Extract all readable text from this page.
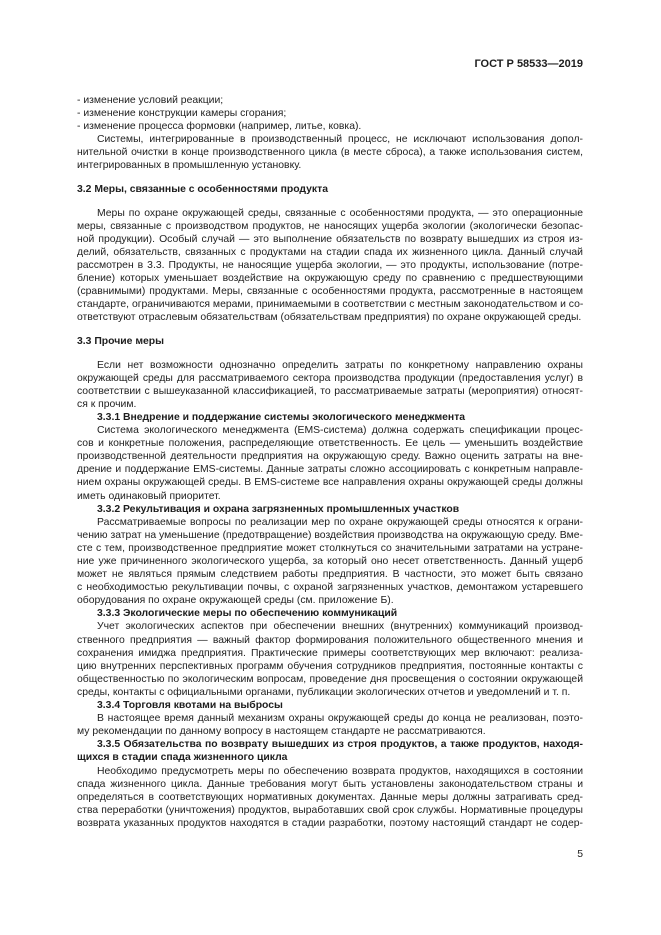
ГОСТ Р 58533—2019
- изменение условий реакции;
- изменение конструкции камеры сгорания;
- изменение процесса формовки (например, литье, ковка).
Системы, интегрированные в производственный процесс, не исключают использования допол-
нительной очистки в конце производственного цикла (в месте сброса), а также использования систем,
интегрированных в промышленную установку.
3.2 Меры, связанные с особенностями продукта
Меры по охране окружающей среды, связанные с особенностями продукта, — это операционные
меры, связанные с производством продуктов, не наносящих ущерба экологии (экологически безопас-
ной продукции). Особый случай — это выполнение обязательств по возврату вышедших из строя из-
делий, обязательств, связанных с продуктами на стадии спада их жизненного цикла. Данный случай
рассмотрен в 3.3. Продукты, не наносящие ущерба экологии, — это продукты, использование (потре-
бление) которых уменьшает воздействие на окружающую среду по сравнению с предшествующими
(сравнимыми) продуктами. Меры, связанные с особенностями продукта, рассмотренные в настоящем
стандарте, ограничиваются мерами, принимаемыми в соответствии с местным законодательством и со-
ответствуют отраслевым обязательствам (обязательствам предприятия) по охране окружающей среды.
3.3 Прочие меры
Если нет возможности однозначно определить затраты по конкретному направлению охраны
окружающей среды для рассматриваемого сектора производства продукции (предоставления услуг) в
соответствии с вышеуказанной классификацией, то рассматриваемые затраты (мероприятия) относят-
ся к прочим.
3.3.1 Внедрение и поддержание системы экологического менеджмента
Система экологического менеджмента (EMS-система) должна содержать спецификации процес-
сов и конкретные положения, распределяющие ответственность. Ее цель — уменьшить воздействие
производственной деятельности предприятия на окружающую среду. Важно оценить затраты на вне-
дрение и поддержание EMS-системы. Данные затраты сложно ассоциировать с конкретным направле-
нием охраны окружающей среды. В EMS-системе все направления охраны окружающей среды должны
иметь одинаковый приоритет.
3.3.2 Рекультивация и охрана загрязненных промышленных участков
Рассматриваемые вопросы по реализации мер по охране окружающей среды относятся к ограни-
чению затрат на уменьшение (предотвращение) воздействия производства на окружающую среду. Вме-
сте с тем, производственное предприятие может столкнуться со значительными затратами на устране-
ние уже причиненного экологического ущерба, за который оно несет ответственность. Данный ущерб
может не являться прямым следствием работы предприятия. В частности, это может быть связано
с необходимостью рекультивации почвы, с охраной загрязненных участков, демонтажом устаревшего
оборудования по охране окружающей среды (см. приложение Б).
3.3.3 Экологические меры по обеспечению коммуникаций
Учет экологических аспектов при обеспечении внешних (внутренних) коммуникаций производ-
ственного предприятия — важный фактор формирования положительного общественного мнения и
сохранения имиджа предприятия. Практические примеры соответствующих мер включают: реализа-
цию внутренних перспективных программ обучения сотрудников предприятия, постоянные контакты с
общественностью по экологическим вопросам, проведение дня просвещения о состоянии окружающей
среды, контакты с официальными органами, публикации экологических отчетов и уведомлений и т. п.
3.3.4 Торговля квотами на выбросы
В настоящее время данный механизм охраны окружающей среды до конца не реализован, поэто-
му рекомендации по данному вопросу в настоящем стандарте не рассматриваются.
3.3.5 Обязательства по возврату вышедших из строя продуктов, а также продуктов, находя-
щихся в стадии спада жизненного цикла
Необходимо предусмотреть меры по обеспечению возврата продуктов, находящихся в состоянии
спада жизненного цикла. Данные требования могут быть установлены законодательством страны и
определяться в соответствующих нормативных документах. Данные меры должны затрагивать сред-
ства переработки (уничтожения) продуктов, выработавших свой срок службы. Нормативные процедуры
возврата указанных продуктов находятся в стадии разработки, поэтому настоящий стандарт не содер-
5
